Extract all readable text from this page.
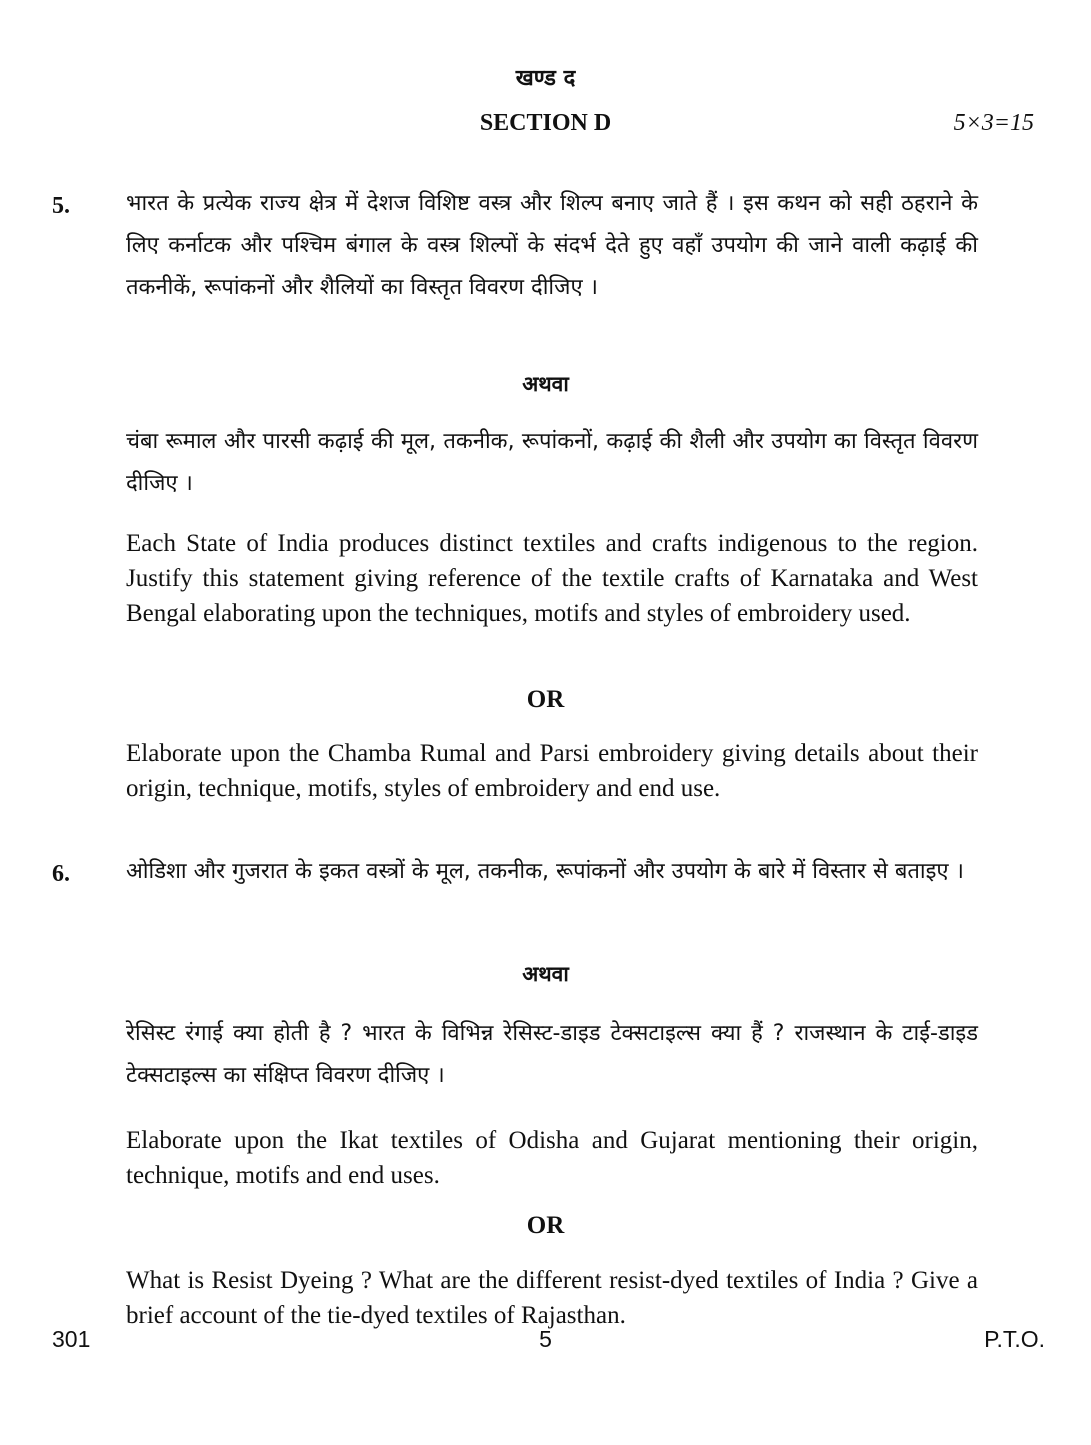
खण्ड द
SECTION D	5×3=15
5.	भारत के प्रत्येक राज्य क्षेत्र में देशज विशिष्ट वस्त्र और शिल्प बनाए जाते हैं । इस कथन को सही ठहराने के लिए कर्नाटक और पश्चिम बंगाल के वस्त्र शिल्पों के संदर्भ देते हुए वहाँ उपयोग की जाने वाली कढ़ाई की तकनीकें, रूपांकनों और शैलियों का विस्तृत विवरण दीजिए ।
अथवा
चंबा रूमाल और पारसी कढ़ाई की मूल, तकनीक, रूपांकनों, कढ़ाई की शैली और उपयोग का विस्तृत विवरण दीजिए ।
Each State of India produces distinct textiles and crafts indigenous to the region. Justify this statement giving reference of the textile crafts of Karnataka and West Bengal elaborating upon the techniques, motifs and styles of embroidery used.
OR
Elaborate upon the Chamba Rumal and Parsi embroidery giving details about their origin, technique, motifs, styles of embroidery and end use.
6.	ओडिशा और गुजरात के इकत वस्त्रों के मूल, तकनीक, रूपांकनों और उपयोग के बारे में विस्तार से बताइए ।
अथवा
रेसिस्ट रंगाई क्या होती है ? भारत के विभिन्न रेसिस्ट-डाइड टेक्सटाइल्स क्या हैं ? राजस्थान के टाई-डाइड टेक्सटाइल्स का संक्षिप्त विवरण दीजिए ।
Elaborate upon the Ikat textiles of Odisha and Gujarat mentioning their origin, technique, motifs and end uses.
OR
What is Resist Dyeing ? What are the different resist-dyed textiles of India ? Give a brief account of the tie-dyed textiles of Rajasthan.
301	5	P.T.O.
